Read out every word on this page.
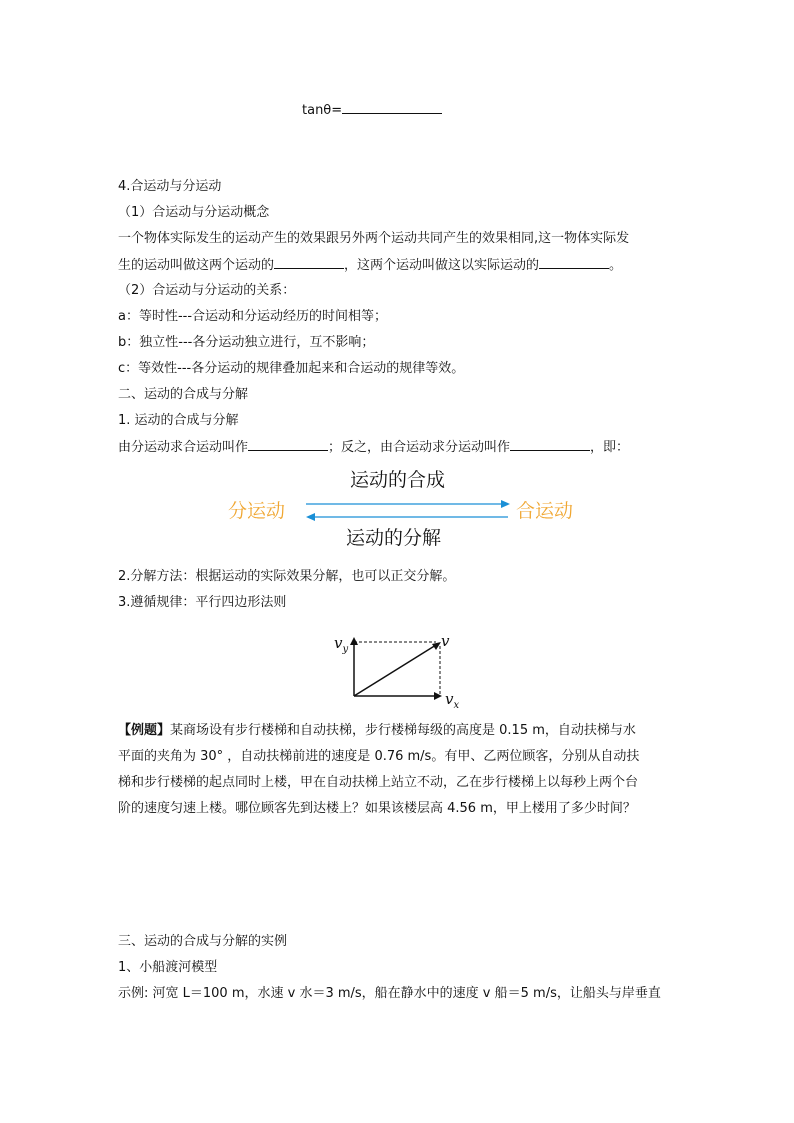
tanθ=
4.合运动与分运动
（1）合运动与分运动概念
一个物体实际发生的运动产生的效果跟另外两个运动共同产生的效果相同,这一物体实际发
生的运动叫做这两个运动的	，这两个运动叫做这以实际运动的	。
（2）合运动与分运动的关系：
a：等时性---合运动和分运动经历的时间相等；
b：独立性---各分运动独立进行，互不影响；
c：等效性---各分运动的规律叠加起来和合运动的规律等效。
二、运动的合成与分解
1. 运动的合成与分解
由分运动求合运动叫作	；反之，由合运动求分运动叫作	，即：
运动的合成
分运动	合运动
运动的分解
2.分解方法：根据运动的实际效果分解，也可以正交分解。
3.遵循规律：平行四边形法则
$v_y$	v
$v_x$
【例题】某商场设有步行楼梯和自动扶梯，步行楼梯每级的高度是 0.15 m，自动扶梯与水
平面的夹角为 30° ，自动扶梯前进的速度是 0.76 m/s。有甲、乙两位顾客，分别从自动扶
梯和步行楼梯的起点同时上楼，甲在自动扶梯上站立不动，乙在步行楼梯上以每秒上两个台
阶的速度匀速上楼。哪位顾客先到达楼上？如果该楼层高 4.56 m，甲上楼用了多少时间？
三、运动的合成与分解的实例
1、小船渡河模型
示例: 河宽 L＝100 m，水速 v 水＝3 m/s，船在静水中的速度 v 船＝5 m/s，让船头与岸垂直
